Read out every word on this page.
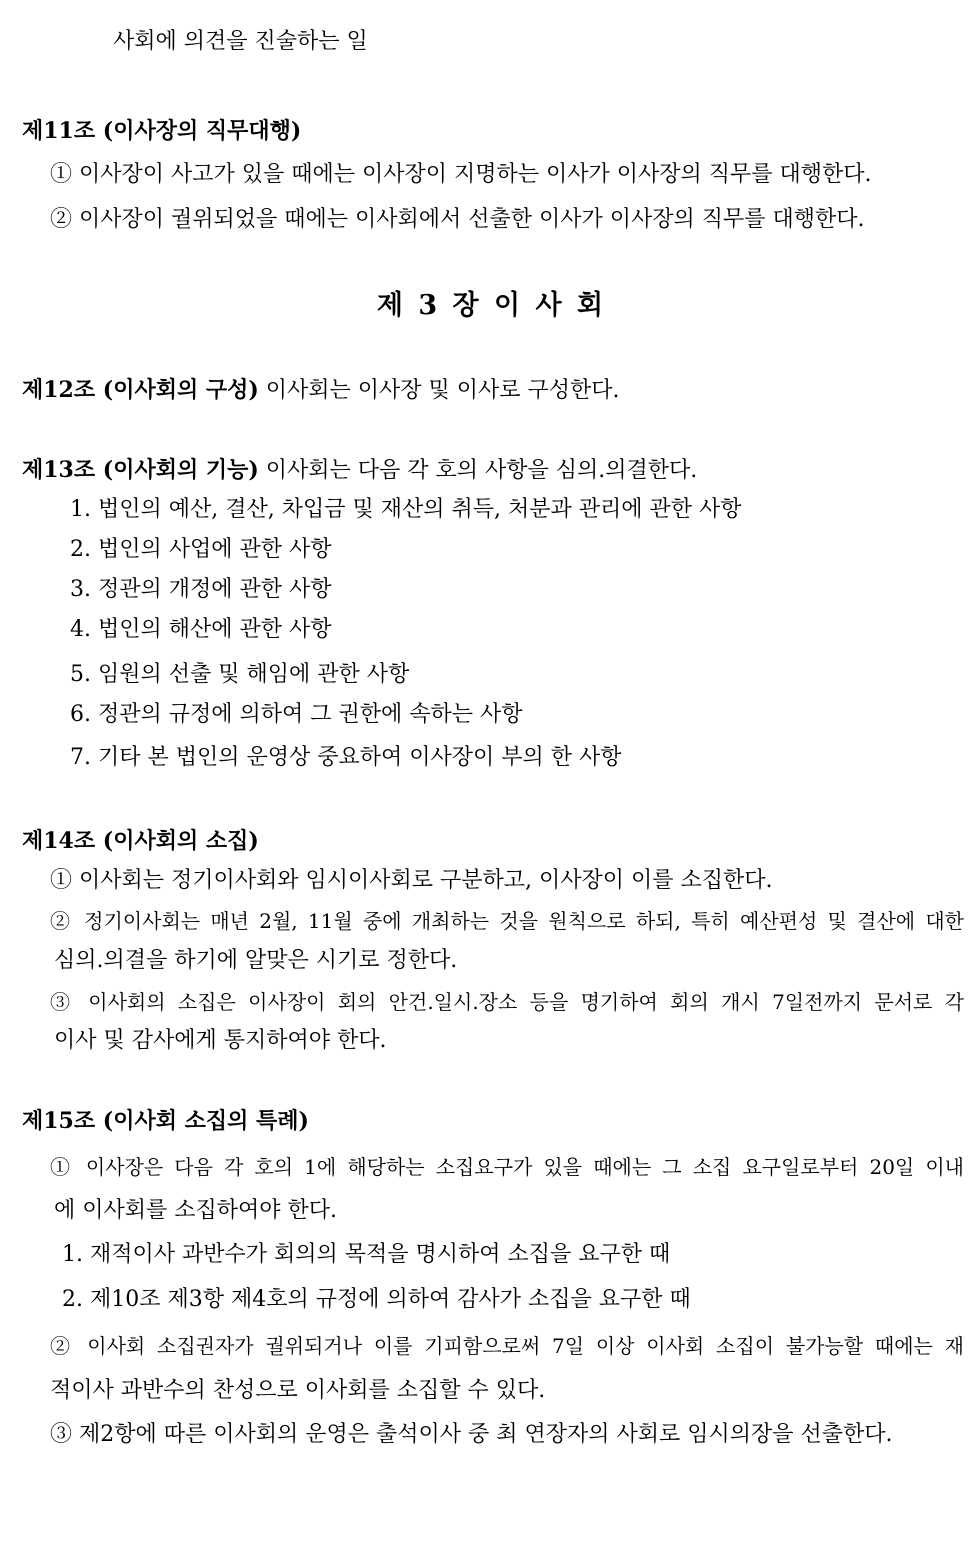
사회에 의견을 진술하는 일
제11조 (이사장의 직무대행)
① 이사장이 사고가 있을 때에는 이사장이 지명하는 이사가 이사장의 직무를 대행한다.
② 이사장이 궐위되었을 때에는 이사회에서 선출한 이사가 이사장의 직무를 대행한다.
제 3 장 이 사 회
제12조 (이사회의 구성) 이사회는 이사장 및 이사로 구성한다.
제13조 (이사회의 기능) 이사회는 다음 각 호의 사항을 심의.의결한다.
1. 법인의 예산, 결산, 차입금 및 재산의 취득, 처분과 관리에 관한 사항
2. 법인의 사업에 관한 사항
3. 정관의 개정에 관한 사항
4. 법인의 해산에 관한 사항
5. 임원의 선출 및 해임에 관한 사항
6. 정관의 규정에 의하여 그 권한에 속하는 사항
7. 기타 본 법인의 운영상 중요하여 이사장이 부의 한 사항
제14조 (이사회의 소집)
① 이사회는 정기이사회와 임시이사회로 구분하고, 이사장이 이를 소집한다.
② 정기이사회는 매년 2월, 11월 중에 개최하는 것을 원칙으로 하되, 특히 예산편성 및 결산에 대한
심의.의결을 하기에 알맞은 시기로 정한다.
③ 이사회의 소집은 이사장이 회의 안건.일시.장소 등을 명기하여 회의 개시 7일전까지 문서로 각
이사 및 감사에게 통지하여야 한다.
제15조 (이사회 소집의 특례)
① 이사장은 다음 각 호의 1에 해당하는 소집요구가 있을 때에는 그 소집 요구일로부터 20일 이내
에 이사회를 소집하여야 한다.
1. 재적이사 과반수가 회의의 목적을 명시하여 소집을 요구한 때
2. 제10조 제3항 제4호의 규정에 의하여 감사가 소집을 요구한 때
② 이사회 소집권자가 궐위되거나 이를 기피함으로써 7일 이상 이사회 소집이 불가능할 때에는 재
적이사 과반수의 찬성으로 이사회를 소집할 수 있다.
③ 제2항에 따른 이사회의 운영은 출석이사 중 최 연장자의 사회로 임시의장을 선출한다.
